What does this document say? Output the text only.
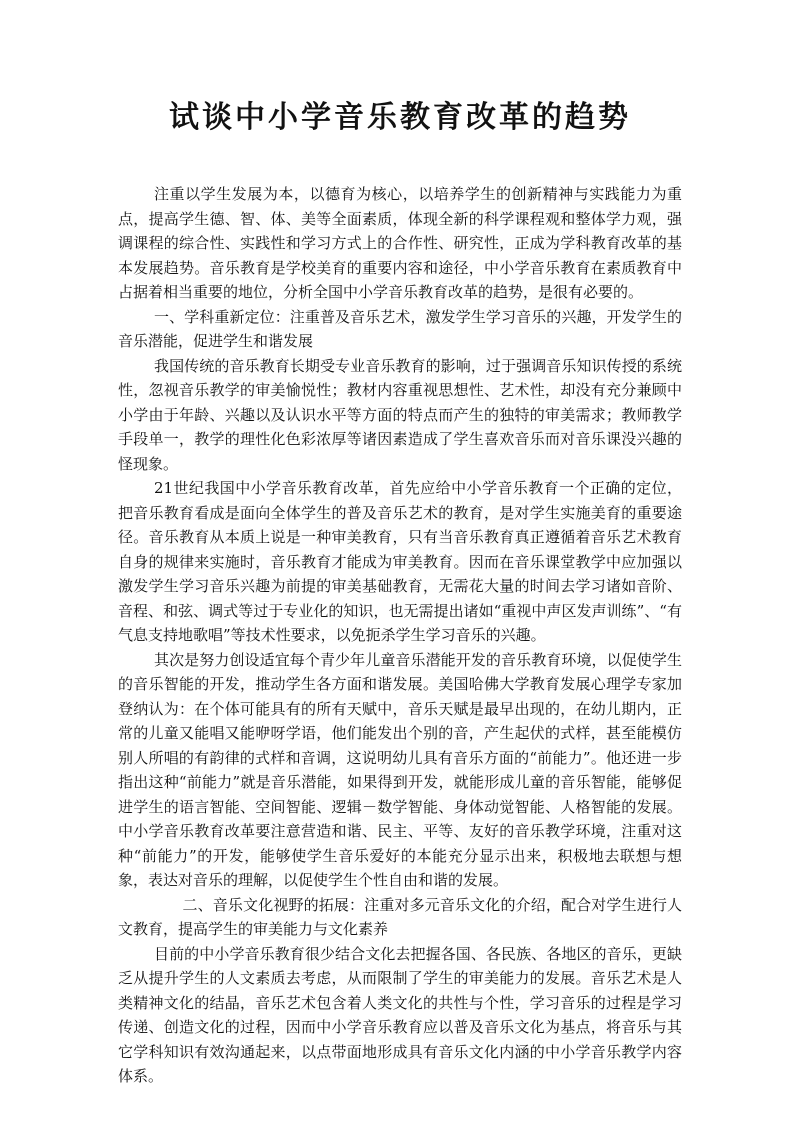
试谈中小学音乐教育改革的趋势

注重以学生发展为本，以德育为核心，以培养学生的创新精神与实践能力为重点，提高学生德、智、体、美等全面素质，体现全新的科学课程观和整体学力观，强调课程的综合性、实践性和学习方式上的合作性、研究性，正成为学科教育改革的基本发展趋势。音乐教育是学校美育的重要内容和途径，中小学音乐教育在素质教育中占据着相当重要的地位，分析全国中小学音乐教育改革的趋势，是很有必要的。

一、学科重新定位：注重普及音乐艺术，激发学生学习音乐的兴趣，开发学生的音乐潜能，促进学生和谐发展

我国传统的音乐教育长期受专业音乐教育的影响，过于强调音乐知识传授的系统性，忽视音乐教学的审美愉悦性；教材内容重视思想性、艺术性，却没有充分兼顾中小学由于年龄、兴趣以及认识水平等方面的特点而产生的独特的审美需求；教师教学手段单一，教学的理性化色彩浓厚等诸因素造成了学生喜欢音乐而对音乐课没兴趣的怪现象。

21世纪我国中小学音乐教育改革，首先应给中小学音乐教育一个正确的定位，把音乐教育看成是面向全体学生的普及音乐艺术的教育，是对学生实施美育的重要途径。音乐教育从本质上说是一种审美教育，只有当音乐教育真正遵循着音乐艺术教育自身的规律来实施时，音乐教育才能成为审美教育。因而在音乐课堂教学中应加强以激发学生学习音乐兴趣为前提的审美基础教育，无需花大量的时间去学习诸如音阶、音程、和弦、调式等过于专业化的知识，也无需提出诸如“重视中声区发声训练”、“有气息支持地歌唱”等技术性要求，以免扼杀学生学习音乐的兴趣。

其次是努力创设适宜每个青少年儿童音乐潜能开发的音乐教育环境，以促使学生的音乐智能的开发，推动学生各方面和谐发展。美国哈佛大学教育发展心理学专家加登纳认为：在个体可能具有的所有天赋中，音乐天赋是最早出现的，在幼儿期内，正常的儿童又能唱又能咿呀学语，他们能发出个别的音，产生起伏的式样，甚至能模仿别人所唱的有韵律的式样和音调，这说明幼儿具有音乐方面的“前能力”。他还进一步指出这种“前能力”就是音乐潜能，如果得到开发，就能形成儿童的音乐智能，能够促进学生的语言智能、空间智能、逻辑－数学智能、身体动觉智能、人格智能的发展。中小学音乐教育改革要注意营造和谐、民主、平等、友好的音乐教学环境，注重对这种“前能力”的开发，能够使学生音乐爱好的本能充分显示出来，积极地去联想与想象，表达对音乐的理解，以促使学生个性自由和谐的发展。

二、音乐文化视野的拓展：注重对多元音乐文化的介绍，配合对学生进行人文教育，提高学生的审美能力与文化素养

目前的中小学音乐教育很少结合文化去把握各国、各民族、各地区的音乐，更缺乏从提升学生的人文素质去考虑，从而限制了学生的审美能力的发展。音乐艺术是人类精神文化的结晶，音乐艺术包含着人类文化的共性与个性，学习音乐的过程是学习传递、创造文化的过程，因而中小学音乐教育应以普及音乐文化为基点，将音乐与其它学科知识有效沟通起来，以点带面地形成具有音乐文化内涵的中小学音乐教学内容体系。
